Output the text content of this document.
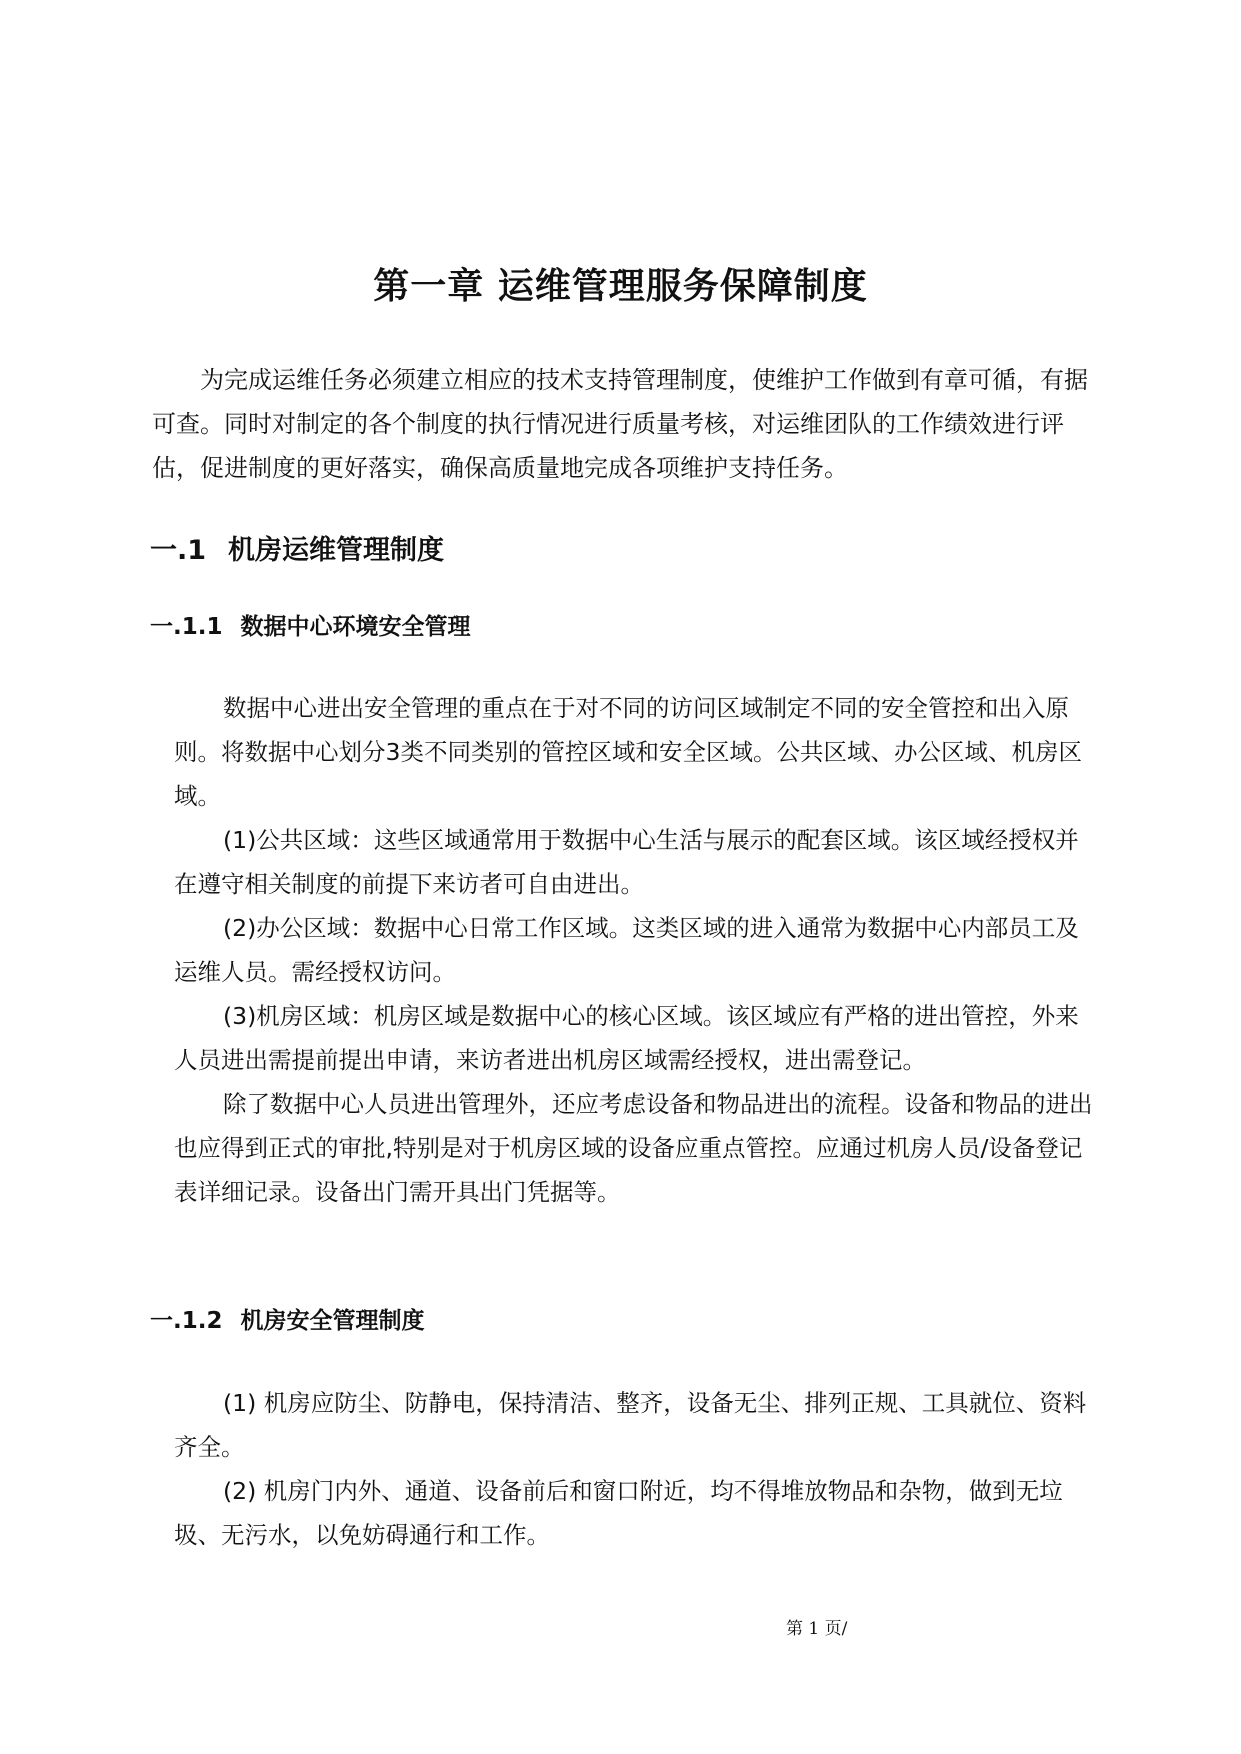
第一章 运维管理服务保障制度

为完成运维任务必须建立相应的技术支持管理制度，使维护工作做到有章可循，有据可查。同时对制定的各个制度的执行情况进行质量考核，对运维团队的工作绩效进行评估，促进制度的更好落实，确保高质量地完成各项维护支持任务。

一.1 机房运维管理制度
一.1.1 数据中心环境安全管理

数据中心进出安全管理的重点在于对不同的访问区域制定不同的安全管控和出入原则。将数据中心划分3类不同类别的管控区域和安全区域。公共区域、办公区域、机房区域。

(1)公共区域：这些区域通常用于数据中心生活与展示的配套区域。该区域经授权并在遵守相关制度的前提下来访者可自由进出。

(2)办公区域：数据中心日常工作区域。这类区域的进入通常为数据中心内部员工及运维人员。需经授权访问。

(3)机房区域：机房区域是数据中心的核心区域。该区域应有严格的进出管控，外来人员进出需提前提出申请，来访者进出机房区域需经授权，进出需登记。

除了数据中心人员进出管理外，还应考虑设备和物品进出的流程。设备和物品的进出也应得到正式的审批,特别是对于机房区域的设备应重点管控。应通过机房人员/设备登记表详细记录。设备出门需开具出门凭据等。

一.1.2 机房安全管理制度

(1) 机房应防尘、防静电，保持清洁、整齐，设备无尘、排列正规、工具就位、资料齐全。

(2) 机房门内外、通道、设备前后和窗口附近，均不得堆放物品和杂物，做到无垃圾、无污水，以免妨碍通行和工作。

第 1 页/
